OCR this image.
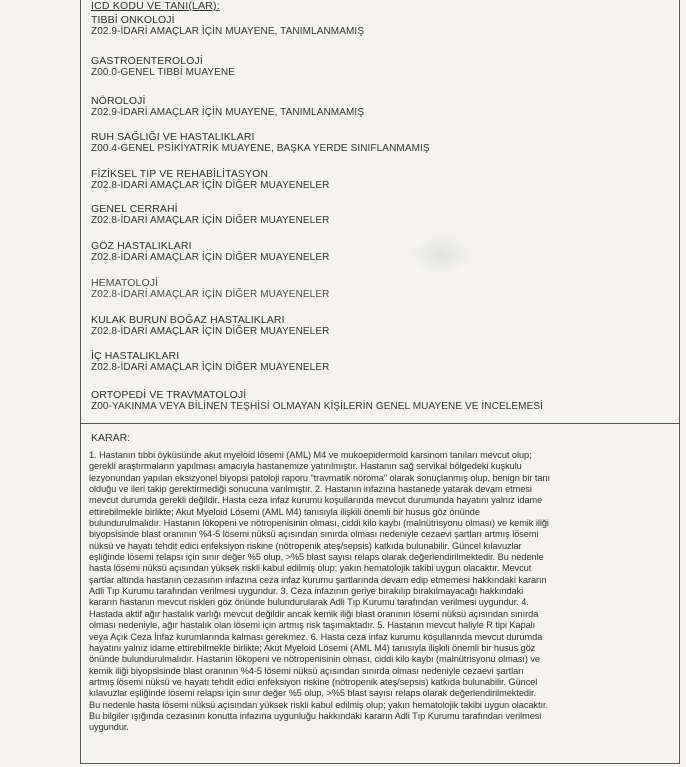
ICD KODU VE TANI(LAR):
TIBBİ ONKOLOJİ
Z02.9-İDARİ AMAÇLAR İÇİN MUAYENE, TANIMLANMAMIŞ
GASTROENTEROLOJİ
Z00.0-GENEL TIBBİ MUAYENE
NÖROLOJİ
Z02.9-İDARİ AMAÇLAR İÇİN MUAYENE, TANIMLANMAMIŞ
RUH SAĞLIĞI VE HASTALIKLARI
Z00.4-GENEL PSİKİYATRİK MUAYENE, BAŞKA YERDE SINIFLANMAMIŞ
FİZİKSEL TIP VE REHABİLİTASYON
Z02.8-İDARİ AMAÇLAR İÇİN DİĞER MUAYENELER
GENEL CERRAHİ
Z02.8-İDARİ AMAÇLAR İÇİN DİĞER MUAYENELER
GÖZ HASTALIKLARI
Z02.8-İDARİ AMAÇLAR İÇİN DİĞER MUAYENELER
HEMATOLOJİ
Z02.8-İDARİ AMAÇLAR İÇİN DİĞER MUAYENELER
KULAK BURUN BOĞAZ HASTALIKLARI
Z02.8-İDARİ AMAÇLAR İÇİN DİĞER MUAYENELER
İÇ HASTALIKLARI
Z02.8-İDARİ AMAÇLAR İÇİN DİĞER MUAYENELER
ORTOPEDİ VE TRAVMATOLOJİ
Z00-YAKINMA VEYA BİLİNEN TEŞHİSİ OLMAYAN KİŞİLERİN GENEL MUAYENE VE İNCELEMESİ
KARAR:
1. Hastanın tıbbi öyküsünde akut myeloid lösemi (AML) M4 ve mukoepidermoid karsinom tanıları mevcut olup;
gerekli araştırmaların yapılması amacıyla hastanemize yatırılmıştır. Hastanın sağ servikal bölgedeki kuşkulu
lezyonundan yapılan eksizyonel biyopsi patoloji raporu "travmatik nöroma" olarak sonuçlanmış olup, benign bir tanı
olduğu ve ileri takip gerektirmediği sonucuna varılmıştır. 2. Hastanın infazına hastanede yatarak devam etmesi
mevcut durumda gerekli değildir. Hasta ceza infaz kurumu koşullarında mevcut durumunda hayatını yalnız idame
ettirebilmekle birlikte; Akut Myeloid Lösemi (AML M4) tanısıyla ilişkili önemli bir husus göz önünde
bulundurulmalıdır. Hastanın lökopeni ve nötropenisinin olması, ciddi kilo kaybı (malnütrisyonu olması) ve kemik iliği
biyopsisinde blast oranının %4-5 lösemi nüksü açısından sınırda olması nedeniyle cezaevi şartları artmış lösemi
nüksü ve hayatı tehdit edici enfeksiyon riskine (nötropenik ateş/sepsis) katkıda bulunabilir. Güncel kılavuzlar
eşliğinde lösemi relapsı için sınır değer %5 olup, >%5 blast sayısı relaps olarak değerlendirilmektedir. Bu nedenle
hasta lösemi nüksü açısından yüksek riskli kabul edilmiş olup; yakın hematolojik takibi uygun olacaktır. Mevcut
şartlar altında hastanın cezasının infazına ceza infaz kurumu şartlarında devam edip etmemesi hakkındaki kararın
Adli Tıp Kurumu tarafından verilmesi uygundur. 3. Ceza infazının geriye bırakılıp bırakılmayacağı hakkındaki
kararın hastanın mevcut riskleri göz önünde bulundurularak Adli Tıp Kurumu tarafından verilmesi uygundur. 4.
Hastada aktif ağır hastalık varlığı mevcut değildir ancak kemik iliği blast oranının lösemi nüksü açısından sınırda
olması nedeniyle, ağır hastalık olan lösemi için artmış risk taşımaktadır. 5. Hastanın mevcut haliyle R tipi Kapalı
veya Açık Ceza İnfaz kurumlarında kalması gerekmez. 6. Hasta ceza infaz kurumu koşullarında mevcut durumda
hayatını yalnız idame ettirebilmekle birlikte; Akut Myeloid Lösemi (AML M4) tanısıyla ilişkili önemli bir husus göz
önünde bulundurulmalıdır. Hastanın lökopeni ve nötropenisinin olması, ciddi kilo kaybı (malnütrisyonu olması) ve
kemik iliği biyopsisinde blast oranının %4-5 lösemi nüksü açısından sınırda olması nedeniyle cezaevi şartları
artmış lösemi nüksü ve hayatı tehdit edici enfeksiyon riskine (nötropenik ateş/sepsis) katkıda bulunabilir. Güncel
kılavuzlar eşliğinde lösemi relapsı için sınır değer %5 olup, >%5 blast sayısı relaps olarak değerlendirilmektedir.
Bu nedenle hasta lösemi nüksü açısından yüksek riskli kabul edilmiş olup; yakın hematolojik takibi uygun olacaktır.
Bu bilgiler ışığında cezasının konutta infazına uygunluğu hakkındaki kararın Adli Tıp Kurumu tarafından verilmesi
uygundur.
